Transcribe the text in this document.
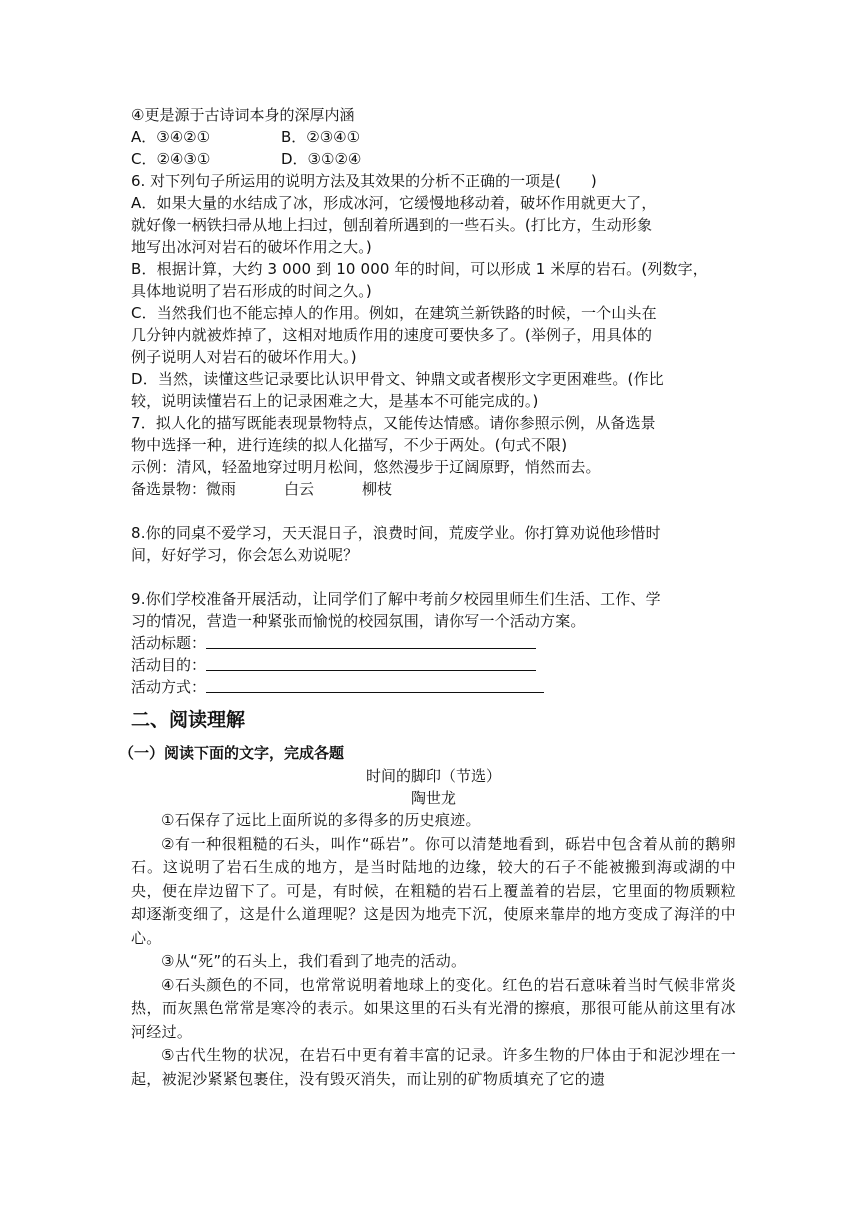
④更是源于古诗词本身的深厚内涵
A．③④②①	B．②③④①
C．②④③①	D．③①②④
6. 对下列句子所运用的说明方法及其效果的分析不正确的一项是(　　)
A．如果大量的水结成了冰，形成冰河，它缓慢地移动着，破坏作用就更大了，
就好像一柄铁扫帚从地上扫过，刨刮着所遇到的一些石头。(打比方，生动形象
地写出冰河对岩石的破坏作用之大。)
B．根据计算，大约 3 000 到 10 000 年的时间，可以形成 1 米厚的岩石。(列数字，
具体地说明了岩石形成的时间之久。)
C．当然我们也不能忘掉人的作用。例如，在建筑兰新铁路的时候，一个山头在
几分钟内就被炸掉了，这相对地质作用的速度可要快多了。(举例子，用具体的
例子说明人对岩石的破坏作用大。)
D．当然，读懂这些记录要比认识甲骨文、钟鼎文或者楔形文字更困难些。(作比
较，说明读懂岩石上的记录困难之大，是基本不可能完成的。)
7．拟人化的描写既能表现景物特点，又能传达情感。请你参照示例，从备选景
物中选择一种，进行连续的拟人化描写，不少于两处。(句式不限)
示例：清风，轻盈地穿过明月松间，悠然漫步于辽阔原野，悄然而去。
备选景物：微雨	白云	柳枝
8.你的同桌不爱学习，天天混日子，浪费时间，荒废学业。你打算劝说他珍惜时
间，好好学习，你会怎么劝说呢？
9.你们学校准备开展活动，让同学们了解中考前夕校园里师生们生活、工作、学
习的情况，营造一种紧张而愉悦的校园氛围，请你写一个活动方案。
活动标题：
活动目的：
活动方式：
二、阅读理解
（一）阅读下面的文字，完成各题
时间的脚印（节选）
陶世龙
①石保存了远比上面所说的多得多的历史痕迹。
②有一种很粗糙的石头，叫作“砾岩”。你可以清楚地看到，砾岩中包含着从前的鹅卵石。这说明了岩石生成的地方，是当时陆地的边缘，较大的石子不能被搬到海或湖的中央，便在岸边留下了。可是，有时候，在粗糙的岩石上覆盖着的岩层，它里面的物质颗粒却逐渐变细了，这是什么道理呢？这是因为地壳下沉，使原来靠岸的地方变成了海洋的中心。
③从“死”的石头上，我们看到了地壳的活动。
④石头颜色的不同，也常常说明着地球上的变化。红色的岩石意味着当时气候非常炎热，而灰黑色常常是寒冷的表示。如果这里的石头有光滑的擦痕，那很可能从前这里有冰河经过。
⑤古代生物的状况，在岩石中更有着丰富的记录。许多生物的尸体由于和泥沙埋在一起，被泥沙紧紧包裹住，没有毁灭消失，而让别的矿物质填充了它的遗
